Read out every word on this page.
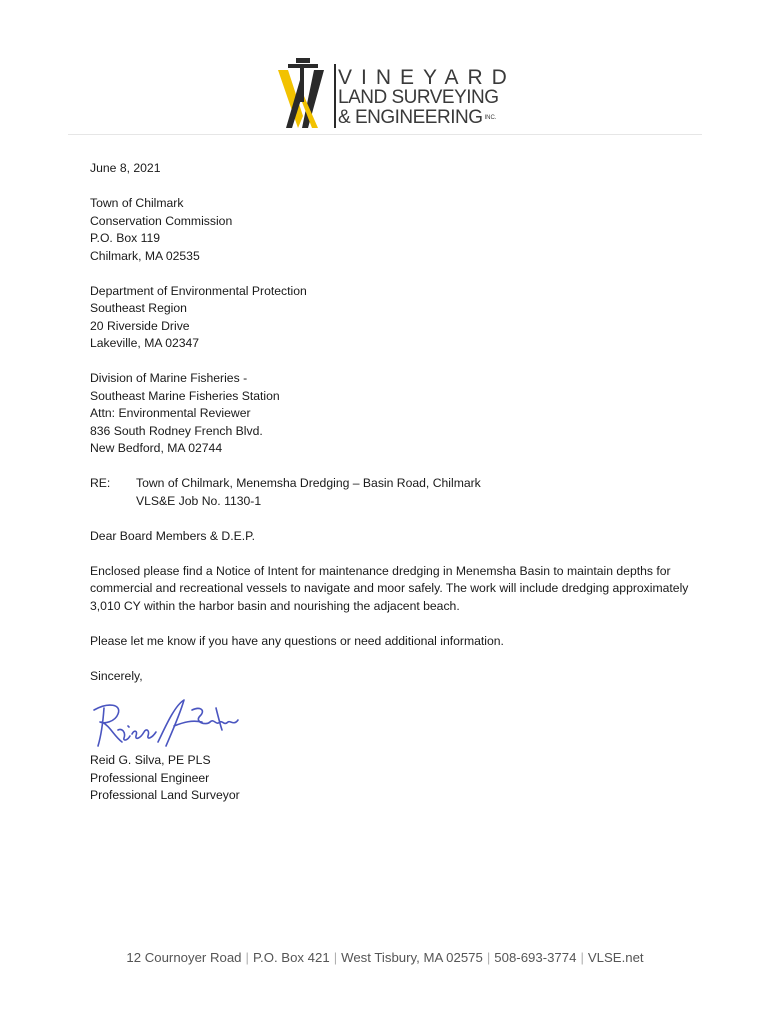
VINEYARD
LAND SURVEYING
& ENGINEERING $^{INC.}$

June 8, 2021

Town of Chilmark
Conservation Commission
P.O. Box 119
Chilmark, MA 02535

Department of Environmental Protection
Southeast Region
20 Riverside Drive
Lakeville, MA 02347

Division of Marine Fisheries -
Southeast Marine Fisheries Station
Attn: Environmental Reviewer
836 South Rodney French Blvd.
New Bedford, MA 02744

RE:	Town of Chilmark, Menemsha Dredging – Basin Road, Chilmark
VLS&E Job No. 1130-1

Dear Board Members & D.E.P.

Enclosed please find a Notice of Intent for maintenance dredging in Menemsha Basin to maintain depths for commercial and recreational vessels to navigate and moor safely. The work will include dredging approximately 3,010 CY within the harbor basin and nourishing the adjacent beach.

Please let me know if you have any questions or need additional information.

Sincerely,

Reid G. Silva, PE PLS
Professional Engineer
Professional Land Surveyor
12 Cournoyer Road | P.O. Box 421 | West Tisbury, MA 02575 | 508-693-3774 | VLSE.net
